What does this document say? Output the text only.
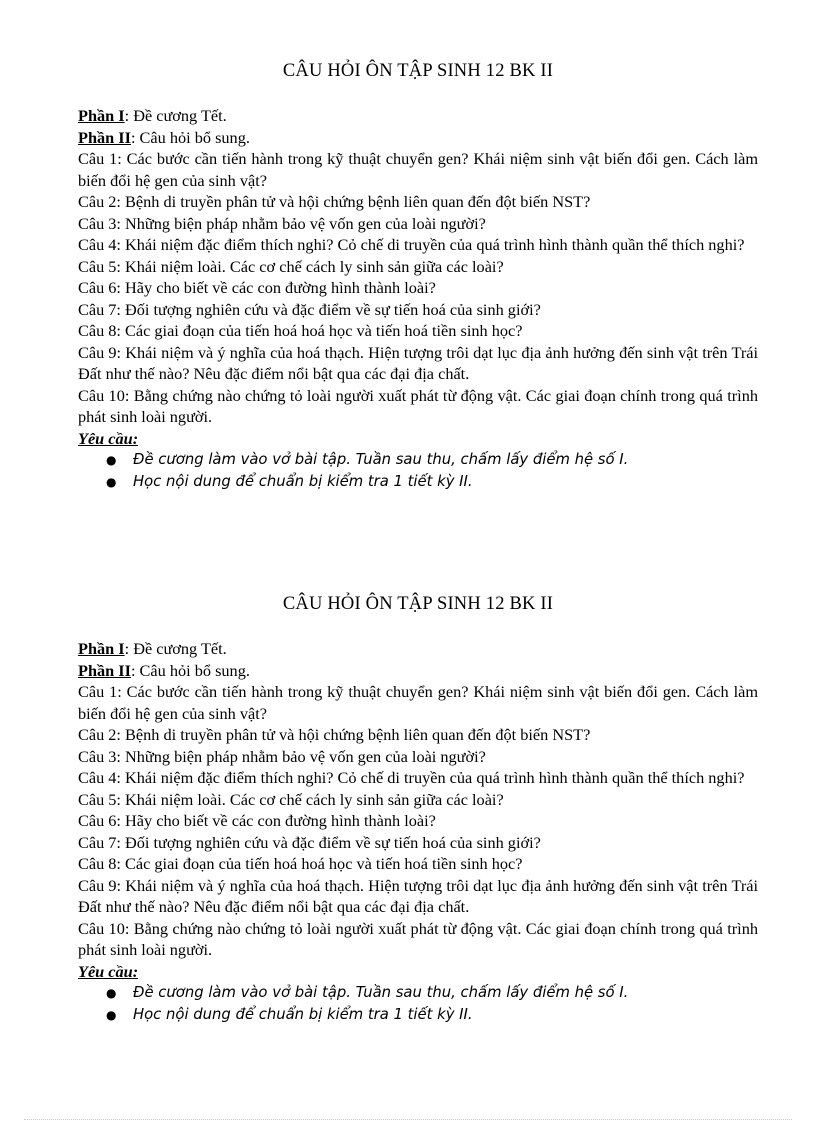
CÂU HỎI ÔN TẬP SINH 12 BK II

Phần I: Đề cương Tết.

Phần II: Câu hỏi bổ sung.

Câu 1: Các bước cần tiến hành trong kỹ thuật chuyển gen? Khái niệm sinh vật biến đổi gen. Cách làm biến đổi hệ gen của sinh vật?

Câu 2: Bệnh di truyền phân tử và hội chứng bệnh liên quan đến đột biến NST?

Câu 3: Những biện pháp nhằm bảo vệ vốn gen của loài người?

Câu 4: Khái niệm đặc điểm thích nghi? Cỏ chế di truyền của quá trình hình thành quần thể thích nghi?

Câu 5: Khái niệm loài. Các cơ chế cách ly sinh sản giữa các loài?

Câu 6: Hãy cho biết về các con đường hình thành loài?

Câu 7: Đối tượng nghiên cứu và đặc điểm về sự tiến hoá của sinh giới?

Câu 8: Các giai đoạn của tiến hoá hoá học và tiến hoá tiền sinh học?

Câu 9: Khái niệm và ý nghĩa của hoá thạch. Hiện tượng trôi dạt lục địa ảnh hưởng đến sinh vật trên Trái Đất như thế nào? Nêu đặc điểm nổi bật qua các đại địa chất.

Câu 10: Bằng chứng nào chứng tỏ loài người xuất phát từ động vật. Các giai đoạn chính trong quá trình phát sinh loài người.

Yêu cầu:

● Đề cương làm vào vở bài tập. Tuần sau thu, chấm lấy điểm hệ số I.
● Học nội dung để chuẩn bị kiểm tra 1 tiết kỳ II.
CÂU HỎI ÔN TẬP SINH 12 BK II

Phần I: Đề cương Tết.

Phần II: Câu hỏi bổ sung.

Câu 1: Các bước cần tiến hành trong kỹ thuật chuyển gen? Khái niệm sinh vật biến đổi gen. Cách làm biến đổi hệ gen của sinh vật?

Câu 2: Bệnh di truyền phân tử và hội chứng bệnh liên quan đến đột biến NST?

Câu 3: Những biện pháp nhằm bảo vệ vốn gen của loài người?

Câu 4: Khái niệm đặc điểm thích nghi? Cỏ chế di truyền của quá trình hình thành quần thể thích nghi?

Câu 5: Khái niệm loài. Các cơ chế cách ly sinh sản giữa các loài?

Câu 6: Hãy cho biết về các con đường hình thành loài?

Câu 7: Đối tượng nghiên cứu và đặc điểm về sự tiến hoá của sinh giới?

Câu 8: Các giai đoạn của tiến hoá hoá học và tiến hoá tiền sinh học?

Câu 9: Khái niệm và ý nghĩa của hoá thạch. Hiện tượng trôi dạt lục địa ảnh hưởng đến sinh vật trên Trái Đất như thế nào? Nêu đặc điểm nổi bật qua các đại địa chất.

Câu 10: Bằng chứng nào chứng tỏ loài người xuất phát từ động vật. Các giai đoạn chính trong quá trình phát sinh loài người.

Yêu cầu:

● Đề cương làm vào vở bài tập. Tuần sau thu, chấm lấy điểm hệ số I.
● Học nội dung để chuẩn bị kiểm tra 1 tiết kỳ II.
